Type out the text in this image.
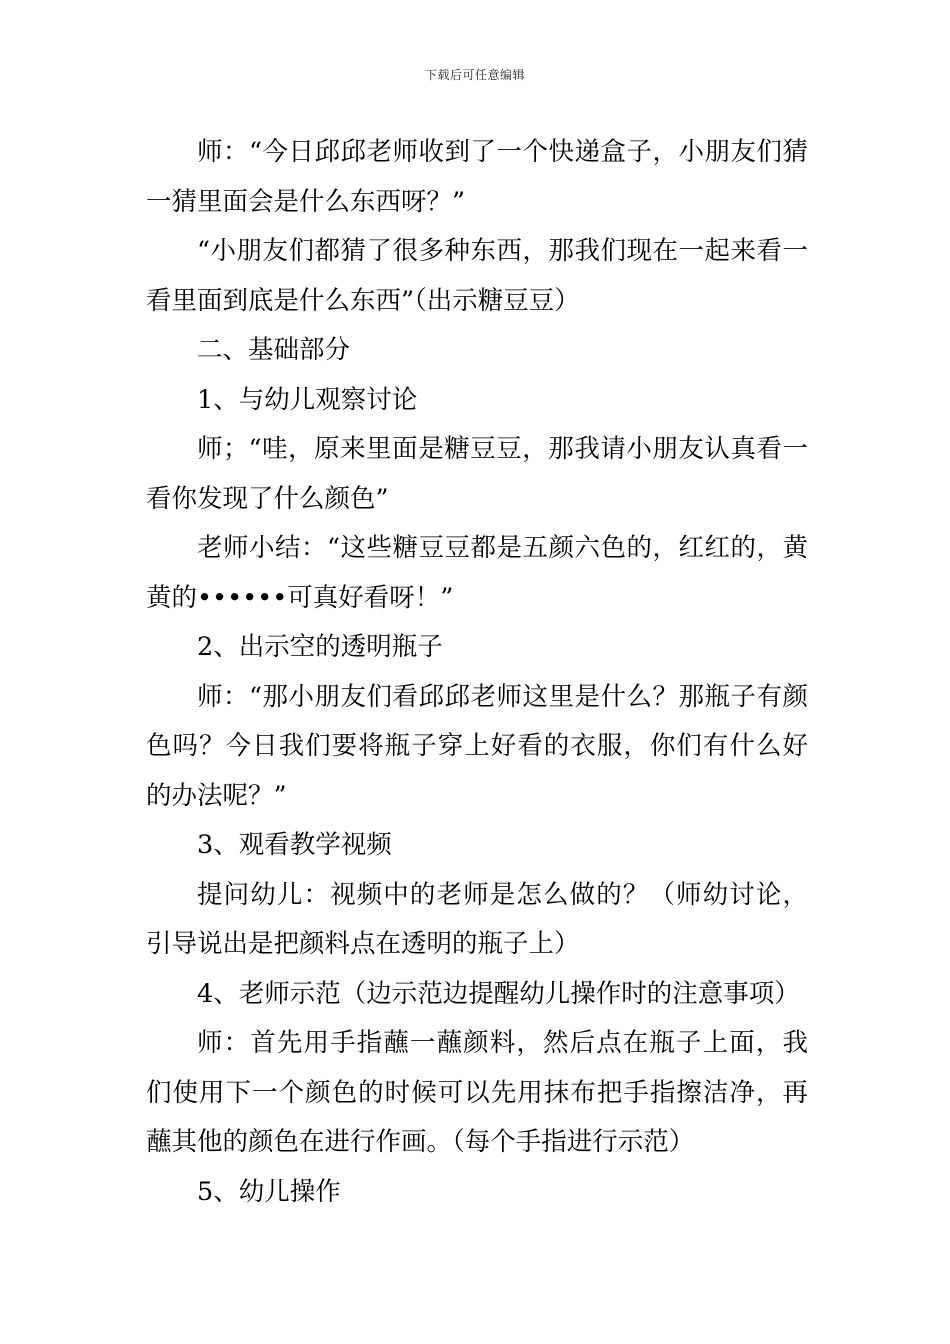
下载后可任意编辑

师：“今日邱邱老师收到了一个快递盒子，小朋友们猜一猜里面会是什么东西呀？”

“小朋友们都猜了很多种东西，那我们现在一起来看一看里面到底是什么东西”（出示糖豆豆）

二、基础部分

1、与幼儿观察讨论

师；“哇，原来里面是糖豆豆，那我请小朋友认真看一看你发现了什么颜色”

老师小结：“这些糖豆豆都是五颜六色的，红红的，黄黄的••••••可真好看呀！”

2、出示空的透明瓶子

师：“那小朋友们看邱邱老师这里是什么？那瓶子有颜色吗？今日我们要将瓶子穿上好看的衣服，你们有什么好的办法呢？”

3、观看教学视频

提问幼儿：视频中的老师是怎么做的？（师幼讨论，引导说出是把颜料点在透明的瓶子上）

4、老师示范（边示范边提醒幼儿操作时的注意事项）

师：首先用手指蘸一蘸颜料，然后点在瓶子上面，我们使用下一个颜色的时候可以先用抹布把手指擦洁净，再蘸其他的颜色在进行作画。（每个手指进行示范）

5、幼儿操作
